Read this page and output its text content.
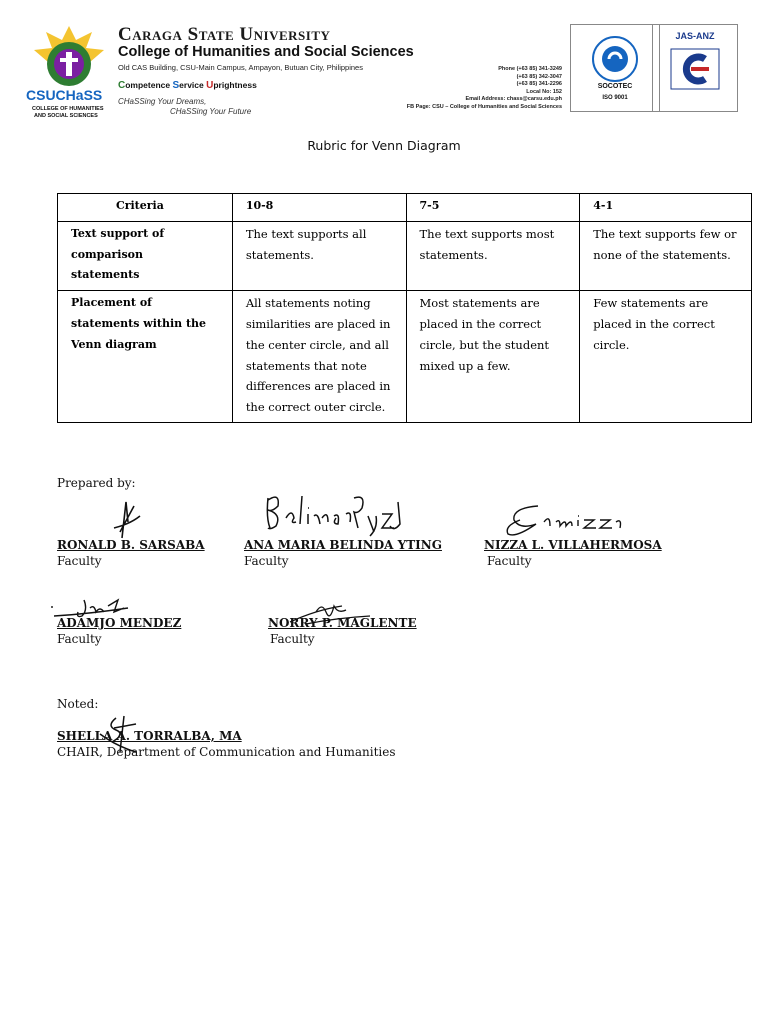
CSUCHaSS
COLLEGE OF HUMANITIES
AND SOCIAL SCIENCES
Caraga State University
College of Humanities and Social Sciences
Old CAS Building, CSU-Main Campus, Ampayon, Butuan City, Philippines
Competence Service Uprightness
CHaSSing Your Dreams,
CHaSSing Your Future
Phone (+63 85) 341-3249
(+63 85) 342-3047
(+63 85) 341-2296
Local No: 152
Email Address: chass@carsu.edu.ph
FB Page: CSU – College of Humanities and Social Sciences
SOCOTEC
ISO 9001
JAS-ANZ
Rubric for Venn Diagram
Criteria	10-8	7-5	4-1
Text support of comparison statements	The text supports all statements.	The text supports most statements.	The text supports few or none of the statements.
Placement of statements within the Venn diagram	All statements noting similarities are placed in the center circle, and all statements that note differences are placed in the correct outer circle.	Most statements are placed in the correct circle, but the student mixed up a few.	Few statements are placed in the correct circle.
Prepared by:
RONALD B. SARSABA
Faculty
ANA MARIA BELINDA YTING
Faculty
NIZZA L. VILLAHERMOSA
Faculty
ADAMJO MENDEZ
Faculty
NORRY P. MAGLENTE
Faculty
Noted:
SHELLA A. TORRALBA, MA
CHAIR, Department of Communication and Humanities
